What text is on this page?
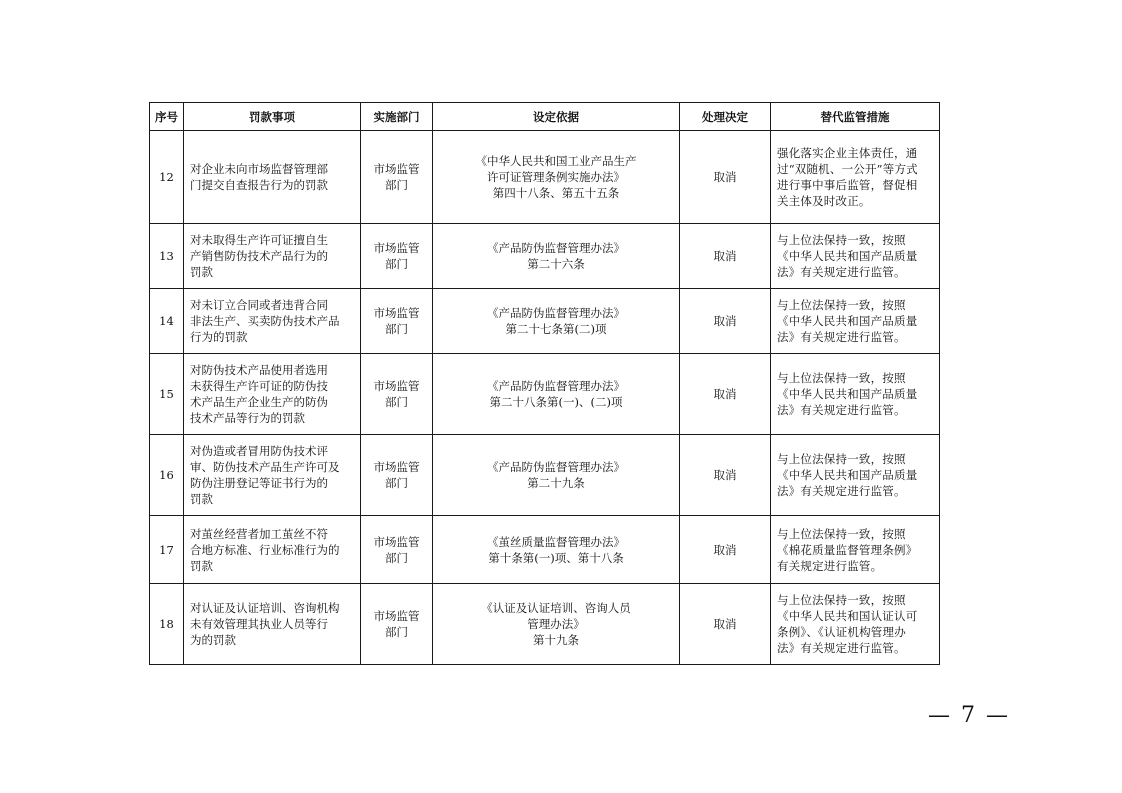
序号	罚款事项	实施部门	设定依据	处理决定	替代监管措施
12	对企业未向市场监督管理部
门提交自查报告行为的罚款	市场监管
部门	《中华人民共和国工业产品生产
许可证管理条例实施办法》
第四十八条、第五十五条	取消	强化落实企业主体责任，通
过“双随机、一公开”等方式
进行事中事后监管，督促相
关主体及时改正。

13	对未取得生产许可证擅自生
产销售防伪技术产品行为的
罚款	市场监管
部门	《产品防伪监督管理办法》
第二十六条	取消	与上位法保持一致，按照
《中华人民共和国产品质量
法》有关规定进行监管。

14	对未订立合同或者违背合同
非法生产、买卖防伪技术产品
行为的罚款	市场监管
部门	《产品防伪监督管理办法》
第二十七条第(二)项	取消	与上位法保持一致，按照
《中华人民共和国产品质量
法》有关规定进行监管。

15	对防伪技术产品使用者选用
未获得生产许可证的防伪技
术产品生产企业生产的防伪
技术产品等行为的罚款	市场监管
部门	《产品防伪监督管理办法》
第二十八条第(一)、(二)项	取消	与上位法保持一致，按照
《中华人民共和国产品质量
法》有关规定进行监管。

16	对伪造或者冒用防伪技术评
审、防伪技术产品生产许可及
防伪注册登记等证书行为的
罚款	市场监管
部门	《产品防伪监督管理办法》
第二十九条	取消	与上位法保持一致，按照
《中华人民共和国产品质量
法》有关规定进行监管。

17	对茧丝经营者加工茧丝不符
合地方标准、行业标准行为的
罚款	市场监管
部门	《茧丝质量监督管理办法》
第十条第(一)项、第十八条	取消	与上位法保持一致，按照
《棉花质量监督管理条例》
有关规定进行监管。

18	对认证及认证培训、咨询机构
未有效管理其执业人员等行
为的罚款	市场监管
部门	《认证及认证培训、咨询人员
管理办法》
第十九条	取消	与上位法保持一致，按照
《中华人民共和国认证认可
条例》、《认证机构管理办
法》有关规定进行监管。
— 7 —
